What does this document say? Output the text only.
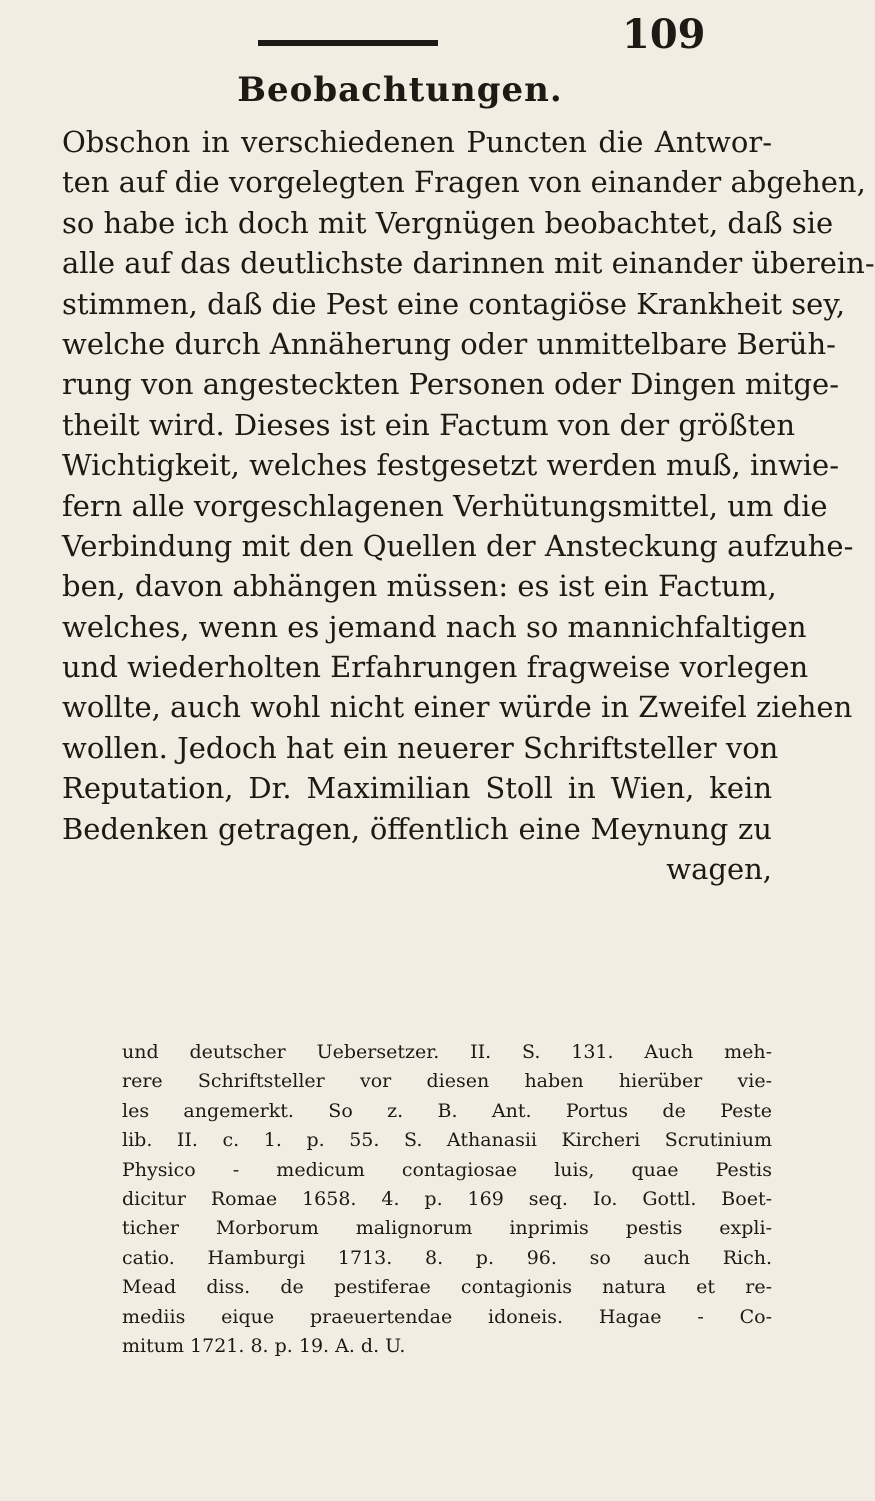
109
Beobachtungen.
Obschon in verschiedenen Puncten die Antwor-
ten auf die vorgelegten Fragen von einander abgehen,
so habe ich doch mit Vergnügen beobachtet, daß sie
alle auf das deutlichste darinnen mit einander überein-
stimmen, daß die Pest eine contagiöse Krankheit sey,
welche durch Annäherung oder unmittelbare Berüh-
rung von angesteckten Personen oder Dingen mitge-
theilt wird. Dieses ist ein Factum von der größten
Wichtigkeit, welches festgesetzt werden muß, inwie-
fern alle vorgeschlagenen Verhütungsmittel, um die
Verbindung mit den Quellen der Ansteckung aufzuhe-
ben, davon abhängen müssen: es ist ein Factum,
welches, wenn es jemand nach so mannichfaltigen
und wiederholten Erfahrungen fragweise vorlegen
wollte, auch wohl nicht einer würde in Zweifel ziehen
wollen. Jedoch hat ein neuerer Schriftsteller von
Reputation, Dr. Maximilian Stoll in Wien, kein
Bedenken getragen, öffentlich eine Meynung zu
wagen,
und deutscher Uebersetzer. II. S. 131. Auch meh-
rere Schriftsteller vor diesen haben hierüber vie-
les angemerkt. So z. B. Ant. Portus de Peste
lib. II. c. 1. p. 55. S. Athanasii Kircheri Scrutinium
Physico - medicum contagiosae luis, quae Pestis
dicitur Romae 1658. 4. p. 169 seq. Io. Gottl. Boet-
ticher Morborum malignorum inprimis pestis expli-
catio. Hamburgi 1713. 8. p. 96. so auch Rich.
Mead diss. de pestiferae contagionis natura et re-
mediis eique praeuertendae idoneis. Hagae - Co-
mitum 1721. 8. p. 19. A. d. U.
